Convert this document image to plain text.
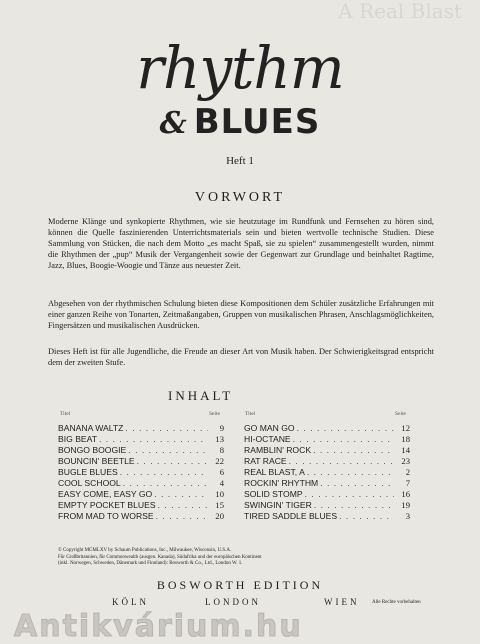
A Real Blast
rhythm
& BLUES
Heft 1
VORWORT
Moderne Klänge und synkopierte Rhythmen, wie sie heutzutage im Rundfunk und Fernsehen zu hören sind, können die Quelle faszinierenden Unterrichtsmaterials sein und bieten wertvolle technische Studien. Diese Sammlung von Stücken, die nach dem Motto „es macht Spaß, sie zu spielen“ zusammengestellt wurden, nimmt die Rhythmen der „pup“ Musik der Vergangenheit sowie der Gegenwart zur Grundlage und beinhaltet Ragtime, Jazz, Blues, Boogie-Woogie und Tänze aus neuester Zeit.
Abgesehen von der rhythmischen Schulung bieten diese Kompositionen dem Schüler zusätzliche Erfahrungen mit einer ganzen Reihe von Tonarten, Zeitmaßangaben, Gruppen von musikalischen Phrasen, Anschlagsmöglichkeiten, Fingersätzen und musikalischen Ausdrücken.
Dieses Heft ist für alle Jugendliche, die Freude an dieser Art von Musik haben. Der Schwierigkeitsgrad entspricht dem der zweiten Stufe.
INHALT
Titel	Seite	Titel	Seite
BANANA WALTZ . . .	9
BIG BEAT . . .	13
BONGO BOOGIE . . .	8
BOUNCIN' BEETLE . . .	22
BUGLE BLUES . . .	6
COOL SCHOOL . . .	4
EASY COME, EASY GO . . .	10
EMPTY POCKET BLUES . . .	15
FROM MAD TO WORSE . . .	20
GO MAN GO . . .	12
HI-OCTANE . . .	18
RAMBLIN' ROCK . . .	14
RAT RACE . . .	23
REAL BLAST, A . . .	2
ROCKIN' RHYTHM . . .	7
SOLID STOMP . . .	16
SWINGIN' TIGER . . .	19
TIRED SADDLE BLUES . . .	3
© Copyright MCMLXV by Schaum Publications, Inc., Milwaukee, Wisconsin, U.S.A.
Für Großbritannien, für Commonwealth (ausgen. Kanada), Südafrika und der europäischen Kontinent
(inkl. Norwegen, Schweden, Dänemark und Finnland): Bosworth & Co., Ltd., London W. 1.
BOSWORTH EDITION
KÖLN	LONDON	WIEN	Alle Rechte vorbehalten
Antikvárium.hu
